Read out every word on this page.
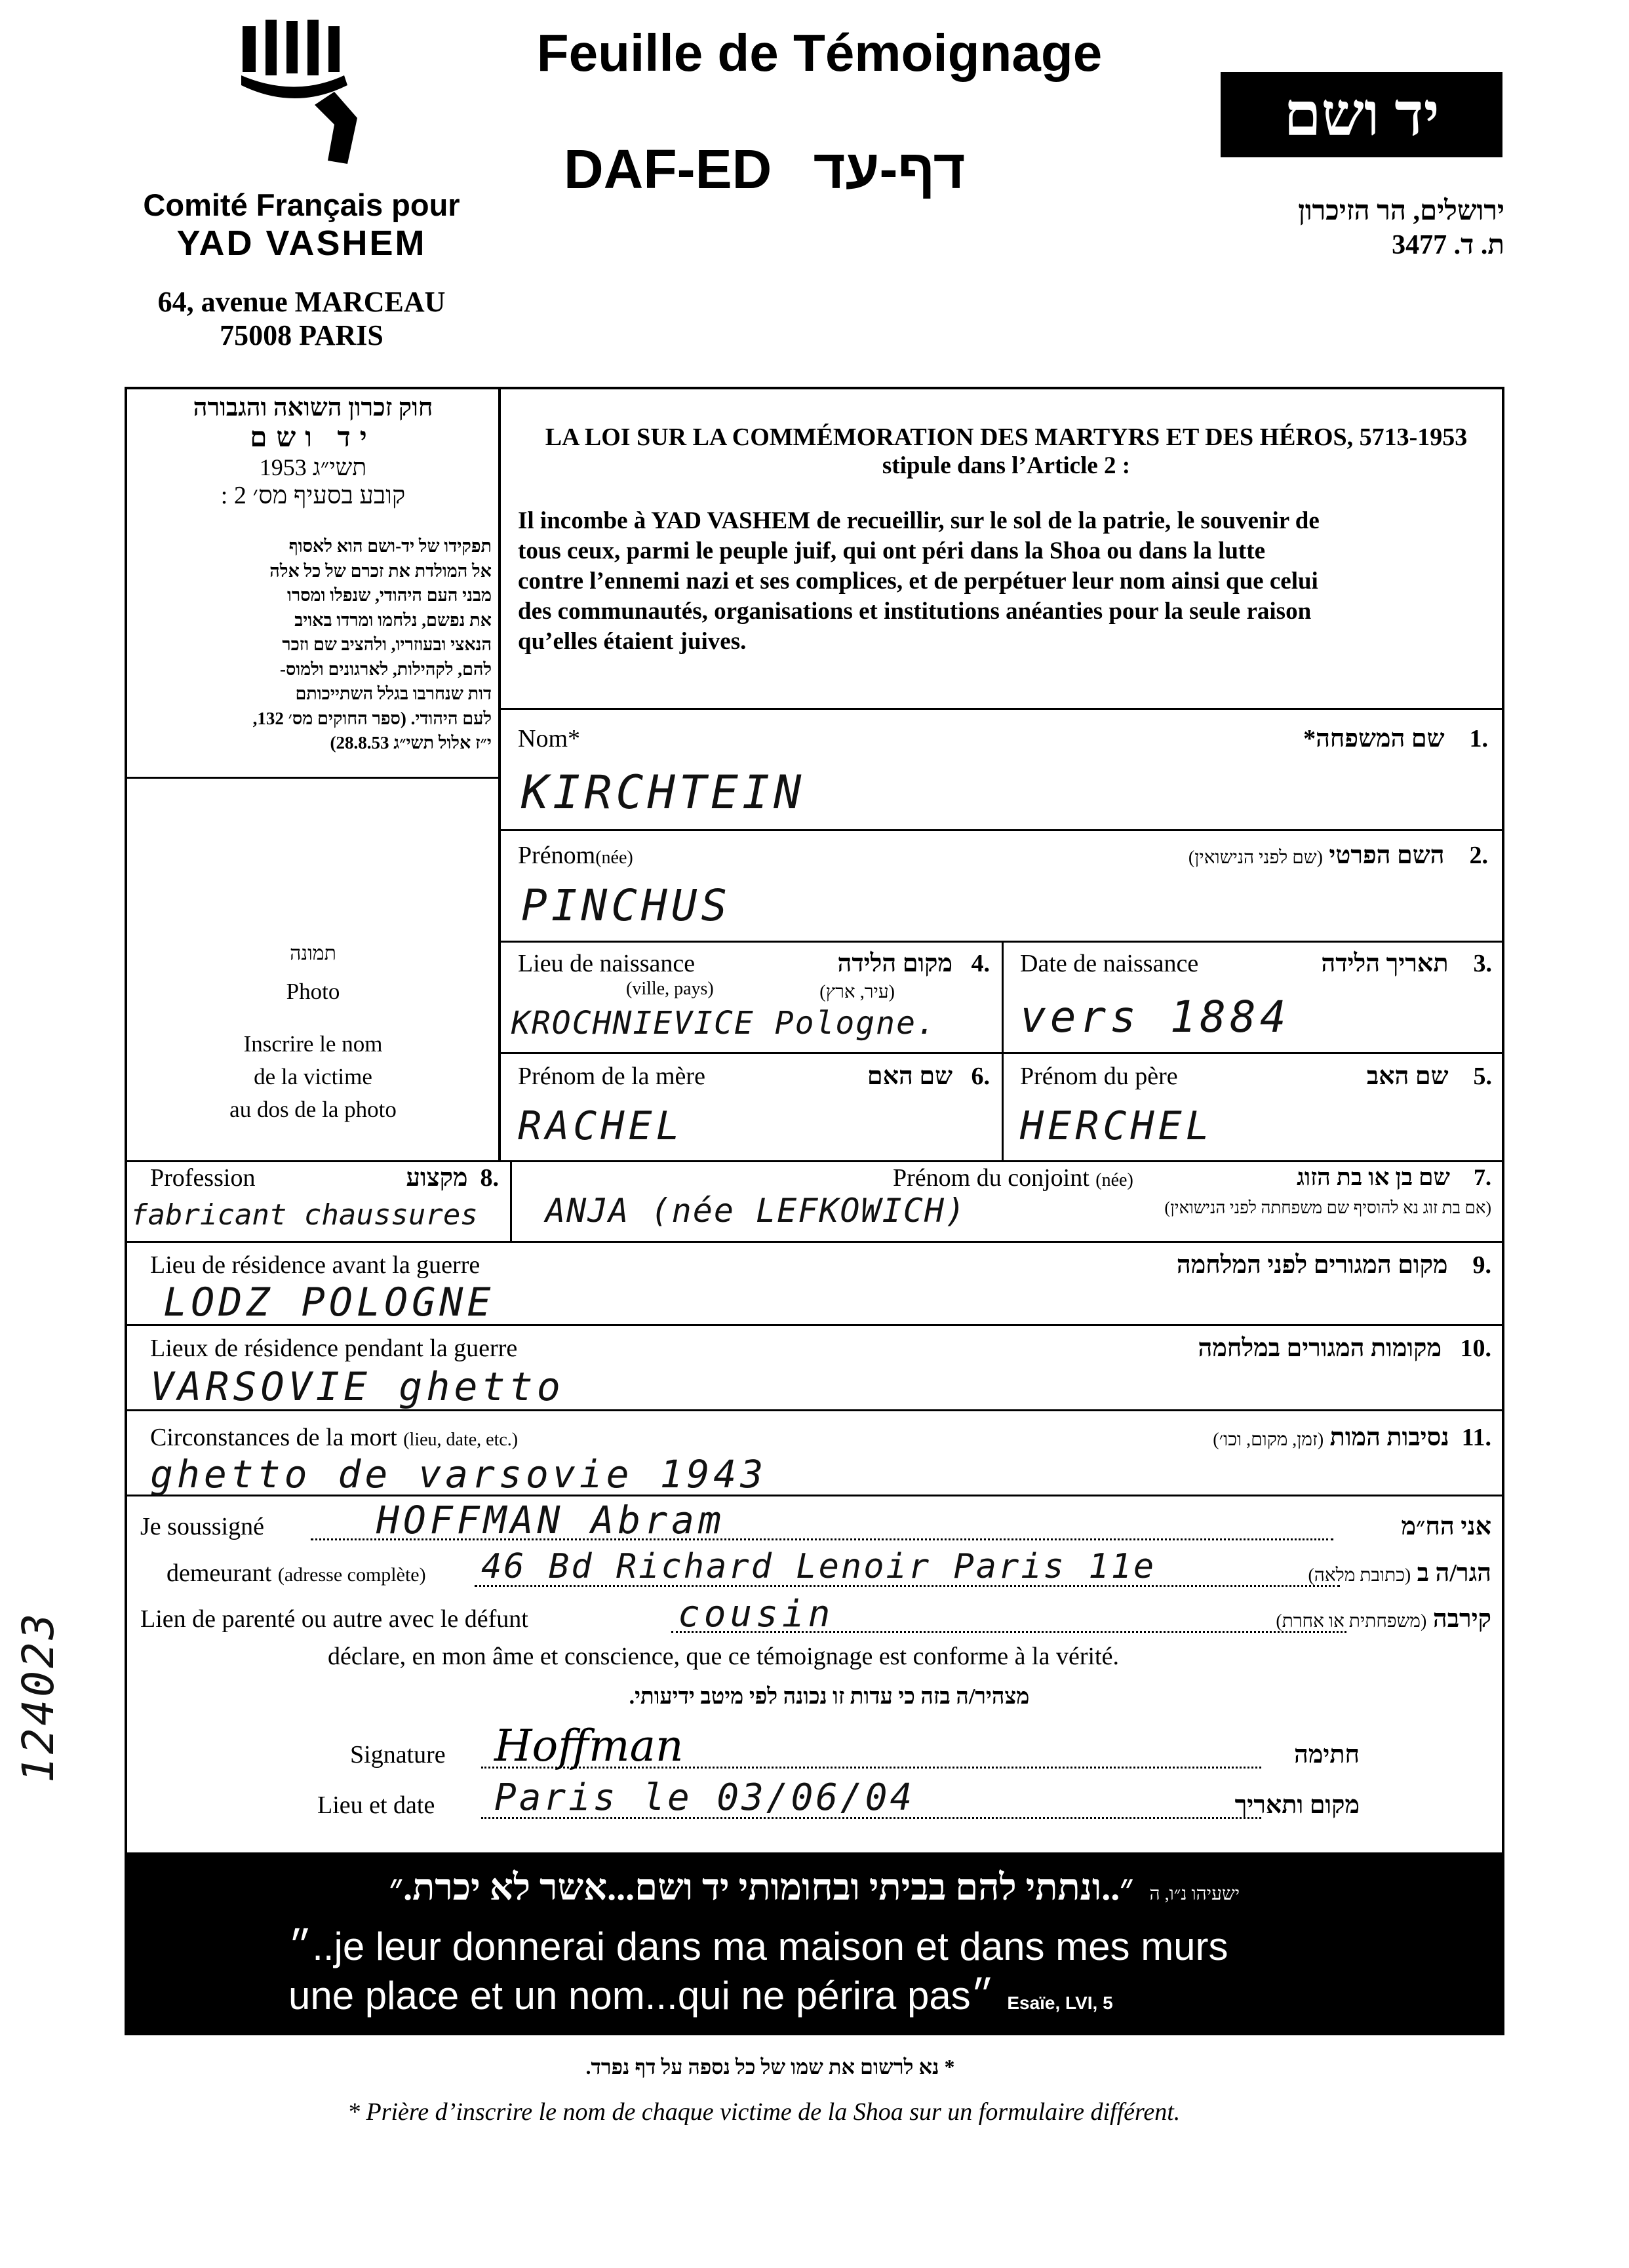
Comité Français pour
YAD VASHEM
64, avenue MARCEAU
75008 PARIS
Feuille de Témoignage
DAF-ED דף-עד
יד ושם
ירושלים, הר הזיכרון
ת. ד. 3477
חוק זכרון השואה והגבורה
יד ושם
תשי״ג 1953
קובע בסעיף מס׳ 2 :
תפקידו של יד-ושם הוא לאסוף
אל המולדת את זכרם של כל אלה
מבני העם היהודי, שנפלו ומסרו
את נפשם, נלחמו ומרדו באויב
הנאצי ובעוזריו, ולהציב שם וזכר
להם, לקהילות, לארגונים ולמוס-
דות שנחרבו בגלל השתייכותם
לעם היהודי. (ספר החוקים מס׳ 132,
י״ז אלול תשי״ג 28.8.53)
תמונה
Photo
Inscrire le nom
de la victime
au dos de la photo
LA LOI SUR LA COMMÉMORATION DES MARTYRS ET DES HÉROS, 5713-1953
stipule dans l’Article 2 :
Il incombe à YAD VASHEM de recueillir, sur le sol de la patrie, le souvenir de
tous ceux, parmi le peuple juif, qui ont péri dans la Shoa ou dans la lutte
contre l’ennemi nazi et ses complices, et de perpétuer leur nom ainsi que celui
des communautés, organisations et institutions anéanties pour la seule raison
qu’elles étaient juives.
Nom*	.1    שם המשפחה*
KIRCHTEIN
Prénom(née)	.2    השם הפרטי (שם לפני הנישואין)
PINCHUS
Lieu de naissance
(ville, pays)
.4   מקום הלידה
(עיר, ארץ)
KROCHNIEVICE Pologne.
Date de naissance	.3    תאריך הלידה
vers 1884
Prénom de la mère	.6   שם האם
RACHEL
Prénom du père	.5    שם האב
HERCHEL
Profession	.8  מקצוע
fabricant chaussures
Prénom du conjoint (née)	.7    שם בן או בת הזוג
(אם בת זוג נא להוסיף שם משפחתה לפני הנישואין)
ANJA (née LEFKOWICH)
Lieu de résidence avant la guerre	.9    מקום המגורים לפני המלחמה
LODZ POLOGNE
Lieux de résidence pendant la guerre	.10   מקומות המגורים במלחמה
VARSOVIE ghetto
Circonstances de la mort (lieu, date, etc.)	.11  נסיבות המות (זמן, מקום, וכו׳)
ghetto de varsovie 1943
Je soussigné	HOFFMAN Abram	אני הח״מ
demeurant (adresse complète) 46 Bd Richard Lenoir Paris 11e	הגר/ה ב (כתובת מלאה)
Lien de parenté ou autre avec le défunt	cousin	קירבה (משפחתית או אחרת)
déclare, en mon âme et conscience, que ce témoignage est conforme à la vérité.
מצהיר/ה בזה כי עדות זו נכונה לפי מיטב ידיעותי.
Signature Hoffman	חתימה
Lieu et date Paris le 03/06/04	מקום ותאריך
ישעיהו נ״ו, ה ״..ונתתי להם בביתי ובחומותי יד ושם...אשר לא יכרת.״
״..je leur donnerai dans ma maison et dans mes murs
une place et un nom...qui ne périra pas״ Esaïe, LVI, 5
* נא לרשום את שמו של כל נספה על דף נפרד.
* Prière d’inscrire le nom de chaque victime de la Shoa sur un formulaire différent.
124023
